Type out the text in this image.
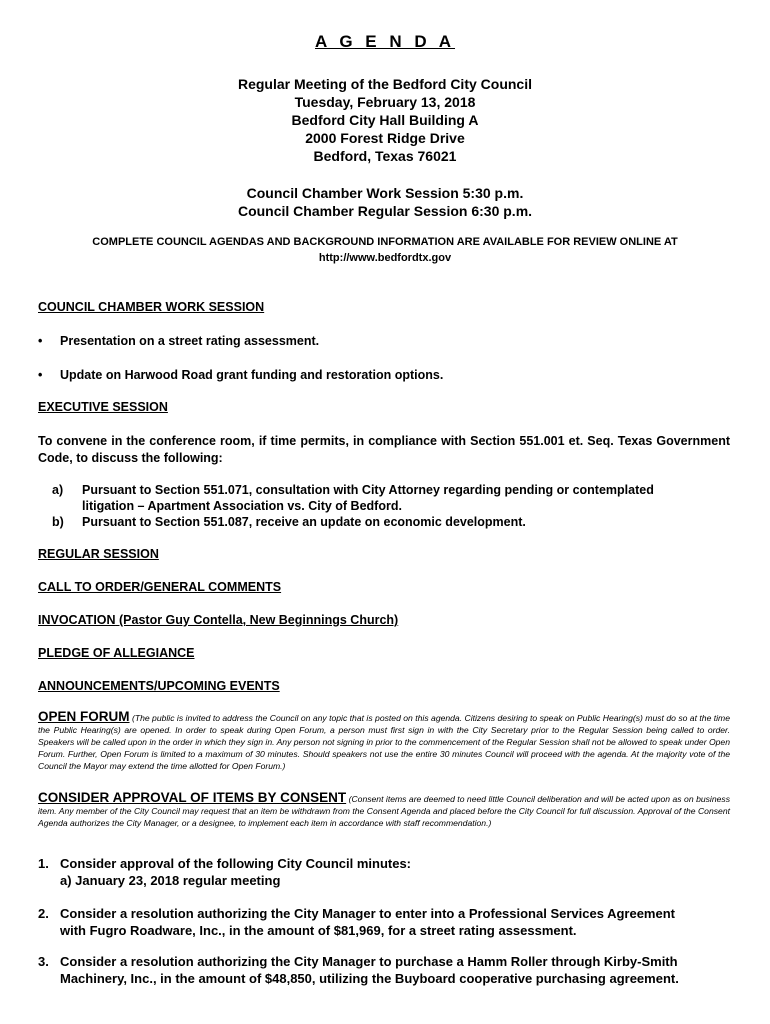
A G E N D A
Regular Meeting of the Bedford City Council
Tuesday, February 13, 2018
Bedford City Hall Building A
2000 Forest Ridge Drive
Bedford, Texas 76021
Council Chamber Work Session 5:30 p.m.
Council Chamber Regular Session 6:30 p.m.
COMPLETE COUNCIL AGENDAS AND BACKGROUND INFORMATION ARE AVAILABLE FOR REVIEW ONLINE AT
http://www.bedfordtx.gov
COUNCIL CHAMBER WORK SESSION
• Presentation on a street rating assessment.
• Update on Harwood Road grant funding and restoration options.
EXECUTIVE SESSION
To convene in the conference room, if time permits, in compliance with Section 551.001 et. Seq. Texas Government Code, to discuss the following:
a) Pursuant to Section 551.071, consultation with City Attorney regarding pending or contemplated
litigation – Apartment Association vs. City of Bedford.
b) Pursuant to Section 551.087, receive an update on economic development.
REGULAR SESSION
CALL TO ORDER/GENERAL COMMENTS
INVOCATION (Pastor Guy Contella, New Beginnings Church)
PLEDGE OF ALLEGIANCE
ANNOUNCEMENTS/UPCOMING EVENTS
OPEN FORUM (The public is invited to address the Council on any topic that is posted on this agenda. Citizens desiring to speak on Public Hearing(s) must do so at the time the Public Hearing(s) are opened. In order to speak during Open Forum, a person must first sign in with the City Secretary prior to the Regular Session being called to order. Speakers will be called upon in the order in which they sign in. Any person not signing in prior to the commencement of the Regular Session shall not be allowed to speak under Open Forum. Further, Open Forum is limited to a maximum of 30 minutes. Should speakers not use the entire 30 minutes Council will proceed with the agenda. At the majority vote of the Council the Mayor may extend the time allotted for Open Forum.)
CONSIDER APPROVAL OF ITEMS BY CONSENT (Consent items are deemed to need little Council deliberation and will be acted upon as on business item. Any member of the City Council may request that an item be withdrawn from the Consent Agenda and placed before the City Council for full discussion. Approval of the Consent Agenda authorizes the City Manager, or a designee, to implement each item in accordance with staff recommendation.)
1. Consider approval of the following City Council minutes:
a) January 23, 2018 regular meeting
2. Consider a resolution authorizing the City Manager to enter into a Professional Services Agreement
with Fugro Roadware, Inc., in the amount of $81,969, for a street rating assessment.
3. Consider a resolution authorizing the City Manager to purchase a Hamm Roller through Kirby-Smith
Machinery, Inc., in the amount of $48,850, utilizing the Buyboard cooperative purchasing agreement.
